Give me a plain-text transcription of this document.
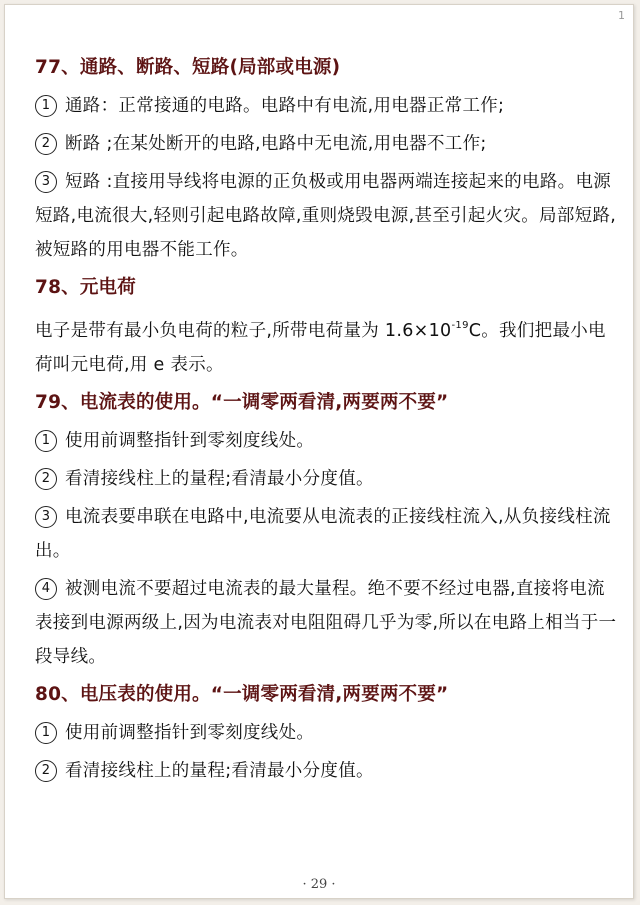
1

77、通路、断路、短路(局部或电源)

1 通路：正常接通的电路。电路中有电流,用电器正常工作;

2 断路 ;在某处断开的电路,电路中无电流,用电器不工作;

3 短路 :直接用导线将电源的正负极或用电器两端连接起来的电路。电源短路,电流很大,轻则引起电路故障,重则烧毁电源,甚至引起火灾。局部短路,被短路的用电器不能工作。

78、元电荷

电子是带有最小负电荷的粒子,所带电荷量为 $1.6\times 10^{-19}C$。我们把最小电荷叫元电荷,用 e 表示。

79、电流表的使用。“一调零两看清,两要两不要”

1 使用前调整指针到零刻度线处。

2 看清接线柱上的量程;看清最小分度值。

3 电流表要串联在电路中,电流要从电流表的正接线柱流入,从负接线柱流出。

4 被测电流不要超过电流表的最大量程。绝不要不经过电器,直接将电流表接到电源两级上,因为电流表对电阻阻碍几乎为零,所以在电路上相当于一段导线。

80、电压表的使用。“一调零两看清,两要两不要”

1 使用前调整指针到零刻度线处。

2 看清接线柱上的量程;看清最小分度值。

· 29 ·
